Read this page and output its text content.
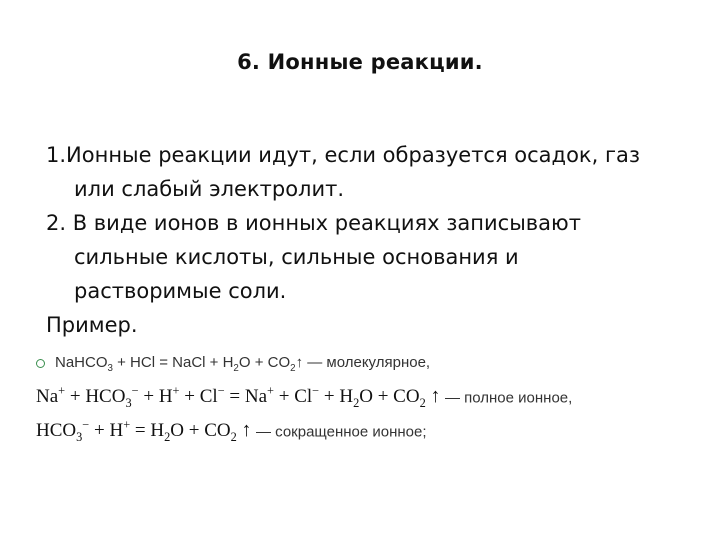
6. Ионные реакции.

1.Ионные реакции идут, если образуется осадок, газ
или слабый электролит.

2. В виде ионов в ионных реакциях записывают
сильные кислоты, сильные основания и
растворимые соли.

Пример.

NaHCO$_3$ + HCl = NaCl + $H_2O$ + $CO_2↑$ — молекулярное,
$Na^+ + HCO_3^- + H^+ + Cl^- = Na^+ + Cl^- + H_2O + CO_2$ ↑ — полное ионное,
$HCO_3^- + H^+ = H_2O + CO_2$ ↑ — сокращенное ионное;
